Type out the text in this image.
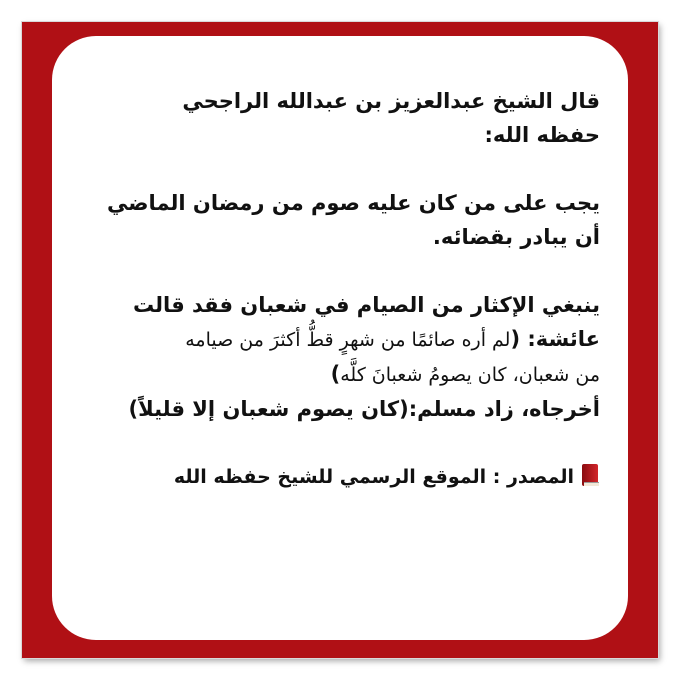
قال الشيخ عبدالعزيز بن عبدالله الراجحي
حفظه الله:
يجب على من كان عليه صوم من رمضان الماضي
أن يبادر بقضائه.
ينبغي الإكثار من الصيام في شعبان فقد قالت
عائشة: (لم أره صائمًا من شهرٍ قطُّ أكثرَ من صيامه
من شعبان، كان يصومُ شعبانَ كلَّه)
أخرجاه، زاد مسلم:(كان يصوم شعبان إلا قليلاً)
المصدر : الموقع الرسمي للشيخ حفظه الله
